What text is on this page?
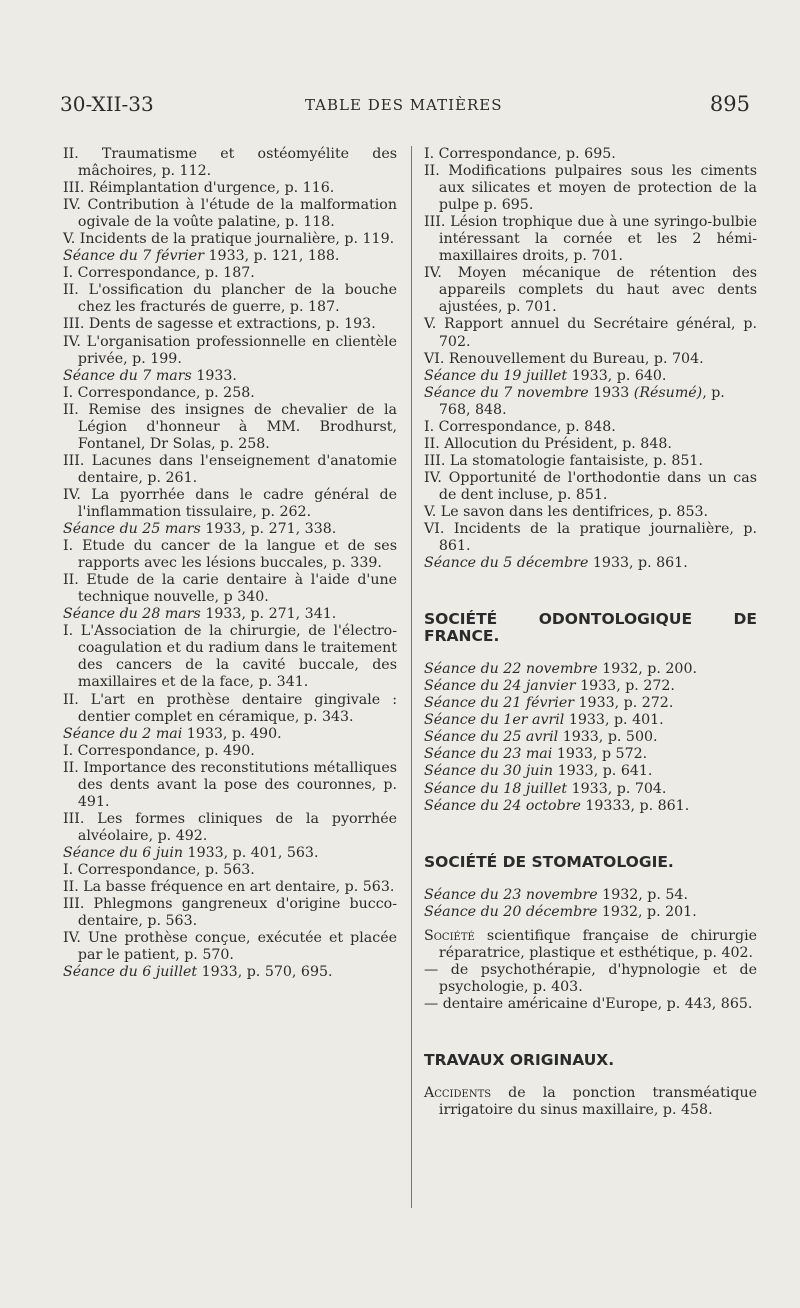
30-XII-33	TABLE DES MATIÈRES	895

II. Traumatisme et ostéomyélite des mâchoires, p. 112.

III. Réimplantation d'urgence, p. 116.

IV. Contribution à l'étude de la malformation ogivale de la voûte palatine, p. 118.

V. Incidents de la pratique journalière, p. 119.

Séance du 7 février 1933, p. 121, 188.

I. Correspondance, p. 187.

II. L'ossification du plancher de la bouche chez les fracturés de guerre, p. 187.

III. Dents de sagesse et extractions, p. 193.

IV. L'organisation professionnelle en clientèle privée, p. 199.

Séance du 7 mars 1933.

I. Correspondance, p. 258.

II. Remise des insignes de chevalier de la Légion d'honneur à MM. Brodhurst, Fontanel, Dr Solas, p. 258.

III. Lacunes dans l'enseignement d'anatomie dentaire, p. 261.

IV. La pyorrhée dans le cadre général de l'inflammation tissulaire, p. 262.

Séance du 25 mars 1933, p. 271, 338.

I. Etude du cancer de la langue et de ses rapports avec les lésions buccales, p. 339.

II. Etude de la carie dentaire à l'aide d'une technique nouvelle, p 340.

Séance du 28 mars 1933, p. 271, 341.

I. L'Association de la chirurgie, de l'électro-coagulation et du radium dans le traitement des cancers de la cavité buccale, des maxillaires et de la face, p. 341.

II. L'art en prothèse dentaire gingivale : dentier complet en céramique, p. 343.

Séance du 2 mai 1933, p. 490.

I. Correspondance, p. 490.

II. Importance des reconstitutions métalliques des dents avant la pose des couronnes, p. 491.

III. Les formes cliniques de la pyorrhée alvéolaire, p. 492.

Séance du 6 juin 1933, p. 401, 563.

I. Correspondance, p. 563.

II. La basse fréquence en art dentaire, p. 563.

III. Phlegmons gangreneux d'origine bucco-dentaire, p. 563.

IV. Une prothèse conçue, exécutée et placée par le patient, p. 570.

Séance du 6 juillet 1933, p. 570, 695.

I. Correspondance, p. 695.

II. Modifications pulpaires sous les ciments aux silicates et moyen de protection de la pulpe p. 695.

III. Lésion trophique due à une syringo-bulbie intéressant la cornée et les 2 hémi-maxillaires droits, p. 701.

IV. Moyen mécanique de rétention des appareils complets du haut avec dents ajustées, p. 701.

V. Rapport annuel du Secrétaire général, p. 702.

VI. Renouvellement du Bureau, p. 704.

Séance du 19 juillet 1933, p. 640.

Séance du 7 novembre 1933 (Résumé), p. 768, 848.

I. Correspondance, p. 848.

II. Allocution du Président, p. 848.

III. La stomatologie fantaisiste, p. 851.

IV. Opportunité de l'orthodontie dans un cas de dent incluse, p. 851.

V. Le savon dans les dentifrices, p. 853.

VI. Incidents de la pratique journalière, p. 861.

Séance du 5 décembre 1933, p. 861.

SOCIÉTÉ ODONTOLOGIQUE DE FRANCE.

Séance du 22 novembre 1932, p. 200.

Séance du 24 janvier 1933, p. 272.

Séance du 21 février 1933, p. 272.

Séance du 1er avril 1933, p. 401.

Séance du 25 avril 1933, p. 500.

Séance du 23 mai 1933, p 572.

Séance du 30 juin 1933, p. 641.

Séance du 18 juillet 1933, p. 704.

Séance du 24 octobre 19333, p. 861.

SOCIÉTÉ DE STOMATOLOGIE.

Séance du 23 novembre 1932, p. 54.

Séance du 20 décembre 1932, p. 201.

Société scientifique française de chirurgie réparatrice, plastique et esthétique, p. 402.

— de psychothérapie, d'hypnologie et de psychologie, p. 403.

— dentaire américaine d'Europe, p. 443, 865.

TRAVAUX ORIGINAUX.

Accidents de la ponction transméatique irrigatoire du sinus maxillaire, p. 458.
